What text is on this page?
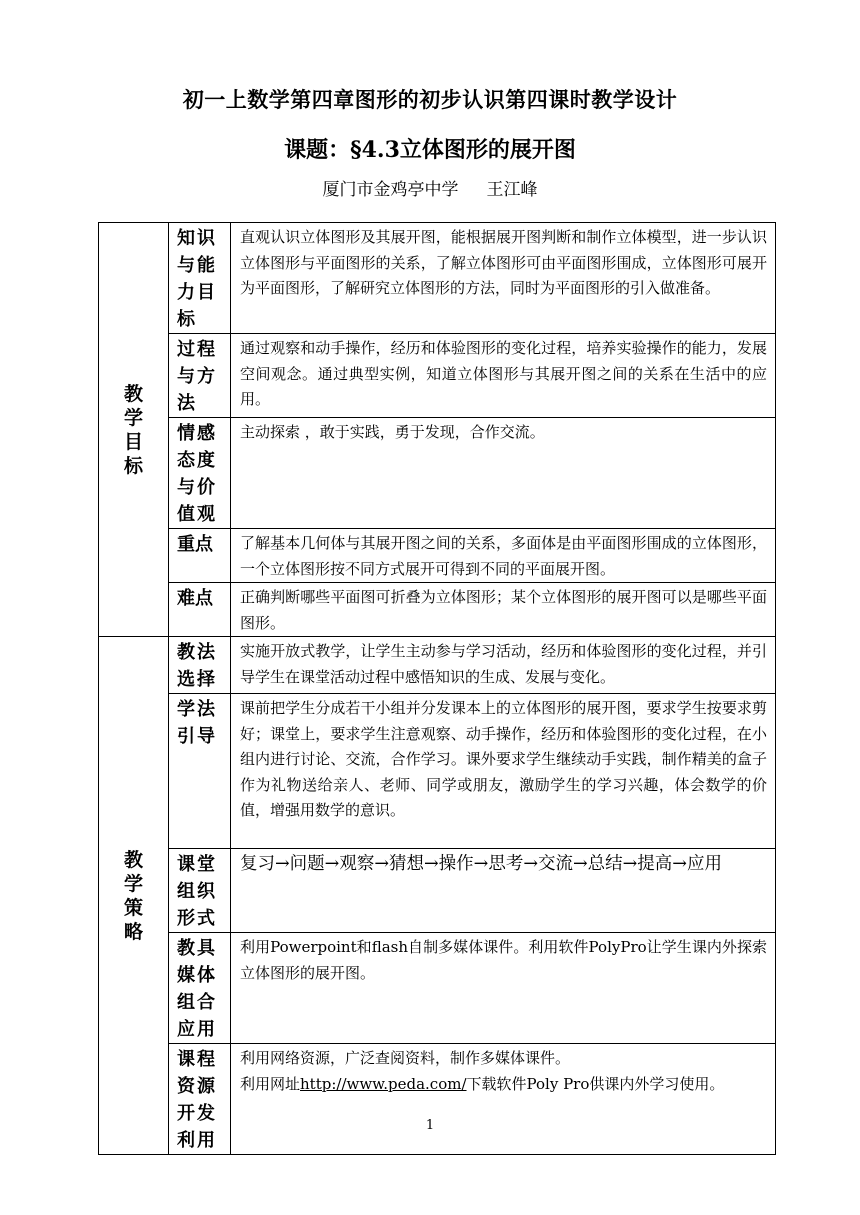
初一上数学第四章图形的初步认识第四课时教学设计
课题：§4.3立体图形的展开图
厦门市金鸡亭中学 王江峰
教学目标	知识与能力目标	直观认识立体图形及其展开图，能根据展开图判断和制作立体模型，进一步认识立体图形与平面图形的关系，了解立体图形可由平面图形围成，立体图形可展开为平面图形，了解研究立体图形的方法，同时为平面图形的引入做准备。
	过程与方法	通过观察和动手操作，经历和体验图形的变化过程，培养实验操作的能力，发展空间观念。通过典型实例，知道立体图形与其展开图之间的关系在生活中的应用。
	情感态度与价值观	主动探索 ，敢于实践，勇于发现，合作交流。
	重点	了解基本几何体与其展开图之间的关系，多面体是由平面图形围成的立体图形，一个立体图形按不同方式展开可得到不同的平面展开图。
	难点	正确判断哪些平面图可折叠为立体图形；某个立体图形的展开图可以是哪些平面图形。
教学策略	教法选择	实施开放式教学，让学生主动参与学习活动，经历和体验图形的变化过程，并引导学生在课堂活动过程中感悟知识的生成、发展与变化。
	学法引导	课前把学生分成若干小组并分发课本上的立体图形的展开图，要求学生按要求剪好；课堂上，要求学生注意观察、动手操作，经历和体验图形的变化过程，在小组内进行讨论、交流，合作学习。课外要求学生继续动手实践，制作精美的盒子作为礼物送给亲人、老师、同学或朋友，激励学生的学习兴趣，体会数学的价值，增强用数学的意识。
	课堂组织形式	复习→问题→观察→猜想→操作→思考→交流→总结→提高→应用
	教具媒体组合应用	利用Powerpoint和flash自制多媒体课件。利用软件PolyPro让学生课内外探索立体图形的展开图。
	课程资源开发利用	利用网络资源，广泛查阅资料，制作多媒体课件。
利用网址http://www.peda.com/下载软件Poly Pro供课内外学习使用。
1
